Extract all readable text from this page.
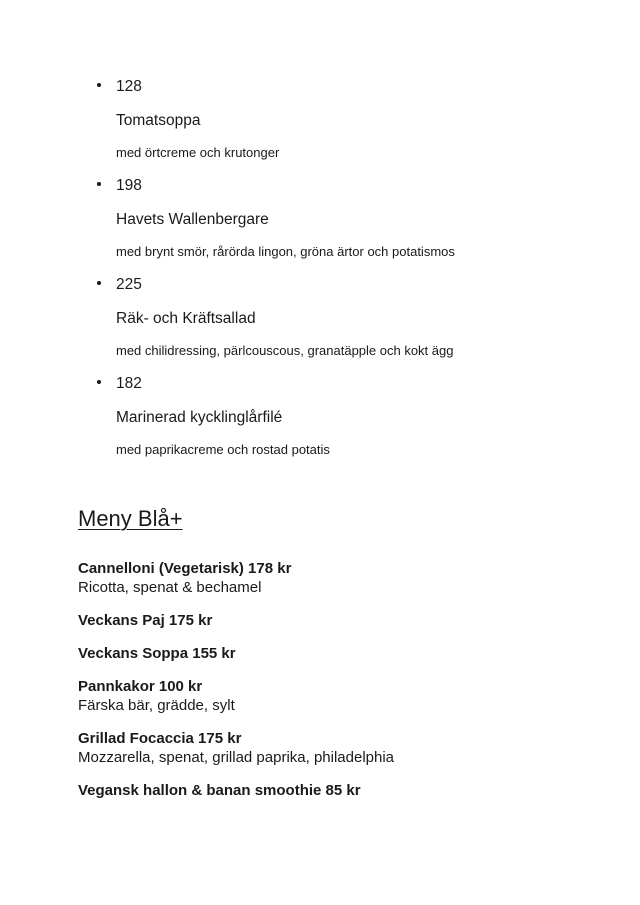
128
Tomatsoppa
med örtcreme och krutonger
198
Havets Wallenbergare
med brynt smör, rårörda lingon, gröna ärtor och potatismos
225
Räk- och Kräftsallad
med chilidressing, pärlcouscous, granatäpple och kokt ägg
182
Marinerad kycklinglårfilé
med paprikacreme och rostad potatis
Meny Blå+

Cannelloni (Vegetarisk) 178 kr
Ricotta, spenat & bechamel

Veckans Paj 175 kr

Veckans Soppa 155 kr

Pannkakor 100 kr
Färska bär, grädde, sylt

Grillad Focaccia 175 kr
Mozzarella, spenat, grillad paprika, philadelphia

Vegansk hallon & banan smoothie 85 kr
